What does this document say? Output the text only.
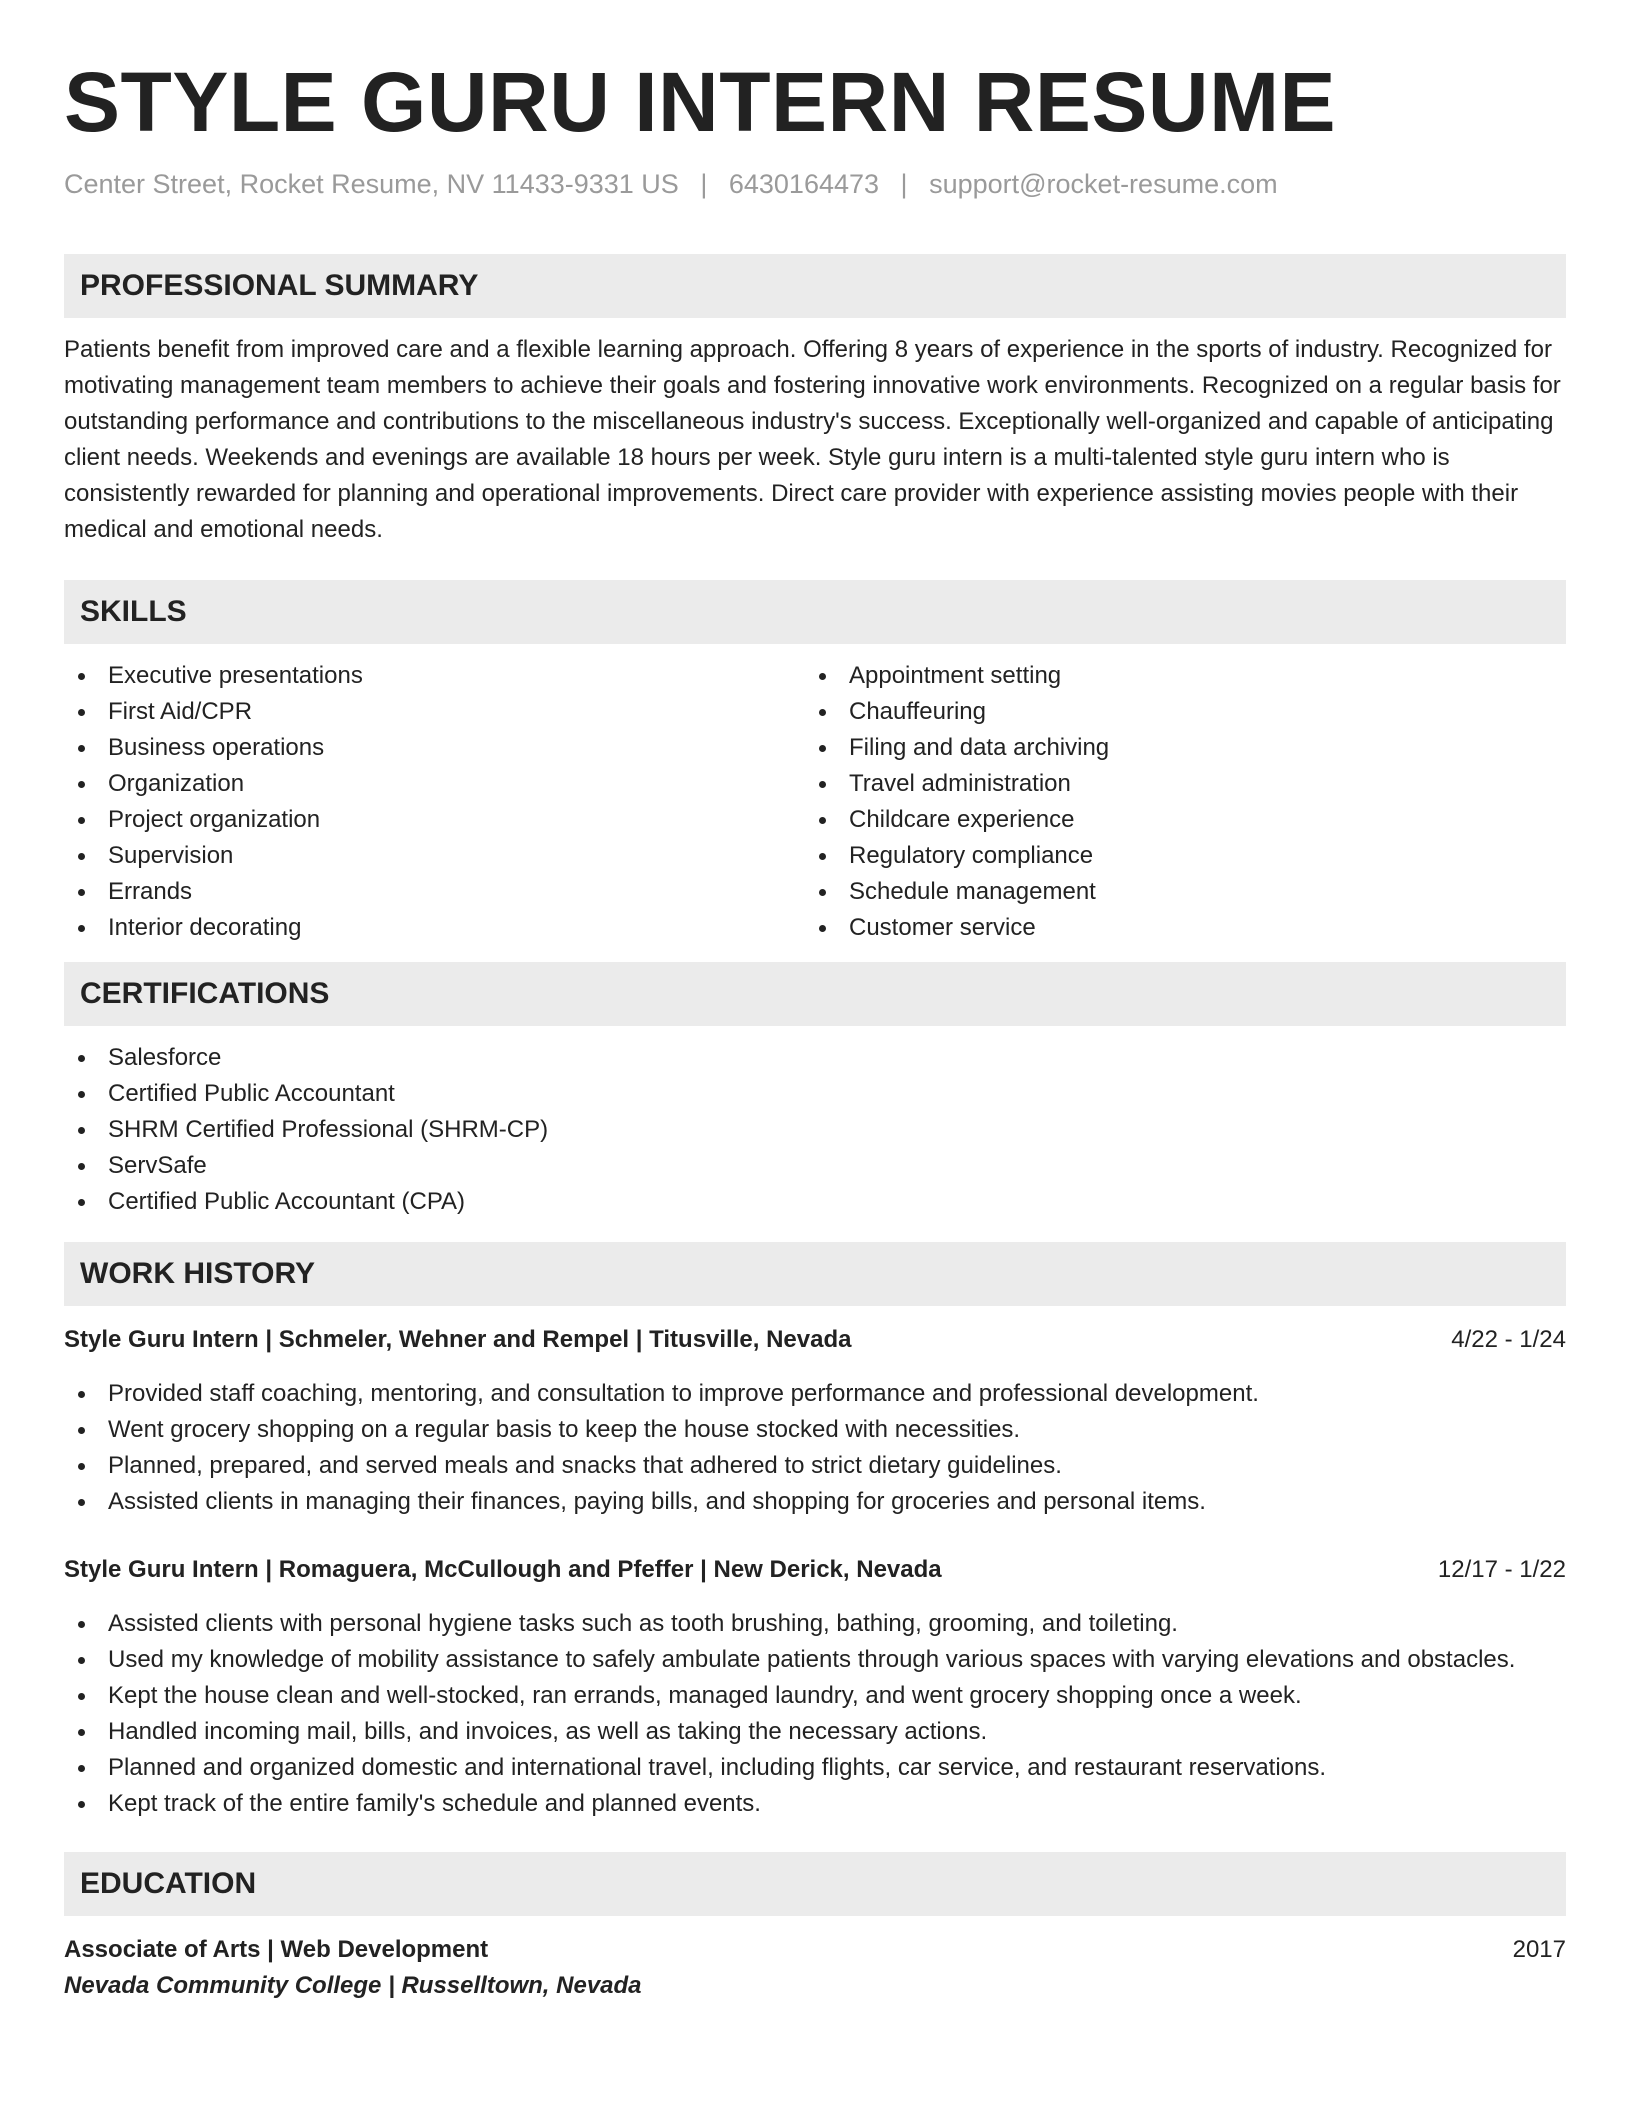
STYLE GURU INTERN RESUME
Center Street, Rocket Resume, NV 11433-9331 US | 6430164473 | support@rocket-resume.com
PROFESSIONAL SUMMARY

Patients benefit from improved care and a flexible learning approach. Offering 8 years of experience in the sports of industry. Recognized for motivating management team members to achieve their goals and fostering innovative work environments. Recognized on a regular basis for outstanding performance and contributions to the miscellaneous industry's success. Exceptionally well-organized and capable of anticipating client needs. Weekends and evenings are available 18 hours per week. Style guru intern is a multi-talented style guru intern who is consistently rewarded for planning and operational improvements. Direct care provider with experience assisting movies people with their medical and emotional needs.

SKILLS
Executive presentations
First Aid/CPR
Business operations
Organization
Project organization
Supervision
Errands
Interior decorating
Appointment setting
Chauffeuring
Filing and data archiving
Travel administration
Childcare experience
Regulatory compliance
Schedule management
Customer service
CERTIFICATIONS
Salesforce
Certified Public Accountant
SHRM Certified Professional (SHRM-CP)
ServSafe
Certified Public Accountant (CPA)
WORK HISTORY
Style Guru Intern | Schmeler, Wehner and Rempel | Titusville, Nevada	4/22 - 1/24
Provided staff coaching, mentoring, and consultation to improve performance and professional development.
Went grocery shopping on a regular basis to keep the house stocked with necessities.
Planned, prepared, and served meals and snacks that adhered to strict dietary guidelines.
Assisted clients in managing their finances, paying bills, and shopping for groceries and personal items.
Style Guru Intern | Romaguera, McCullough and Pfeffer | New Derick, Nevada	12/17 - 1/22
Assisted clients with personal hygiene tasks such as tooth brushing, bathing, grooming, and toileting.
Used my knowledge of mobility assistance to safely ambulate patients through various spaces with varying elevations and obstacles.
Kept the house clean and well-stocked, ran errands, managed laundry, and went grocery shopping once a week.
Handled incoming mail, bills, and invoices, as well as taking the necessary actions.
Planned and organized domestic and international travel, including flights, car service, and restaurant reservations.
Kept track of the entire family's schedule and planned events.
EDUCATION
Associate of Arts | Web Development	2017
Nevada Community College | Russelltown, Nevada
